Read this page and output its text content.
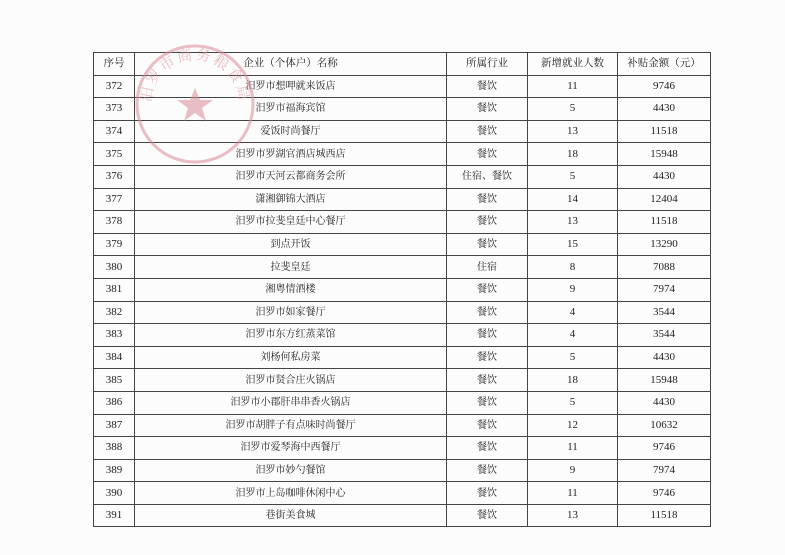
序号	企业（个体户）名称	所属行业	新增就业人数	补贴金额（元）
372	汨罗市想呷就来饭店	餐饮	11	9746
373	汨罗市福海宾馆	餐饮	5	4430
374	爱饭时尚餐厅	餐饮	13	11518
375	汨罗市罗湖官酒店城西店	餐饮	18	15948
376	汨罗市天河云都商务会所	住宿、餐饮	5	4430
377	潇湘御锦大酒店	餐饮	14	12404
378	汨罗市拉斐皇廷中心餐厅	餐饮	13	11518
379	到点开饭	餐饮	15	13290
380	拉斐皇廷	住宿	8	7088
381	湘粤情酒楼	餐饮	9	7974
382	汨罗市如家餐厅	餐饮	4	3544
383	汨罗市东方红蒸菜馆	餐饮	4	3544
384	刘杨何私房菜	餐饮	5	4430
385	汨罗市贤合庄火锅店	餐饮	18	15948
386	汨罗市小郡肝串串香火锅店	餐饮	5	4430
387	汨罗市胡胖子有点味时尚餐厅	餐饮	12	10632
388	汨罗市爱琴海中西餐厅	餐饮	11	9746
389	汨罗市妙勺餐馆	餐饮	9	7974
390	汨罗市上岛咖啡休闲中心	餐饮	11	9746
391	巷街美食城	餐饮	13	11518
汨罗市商务粮食局
